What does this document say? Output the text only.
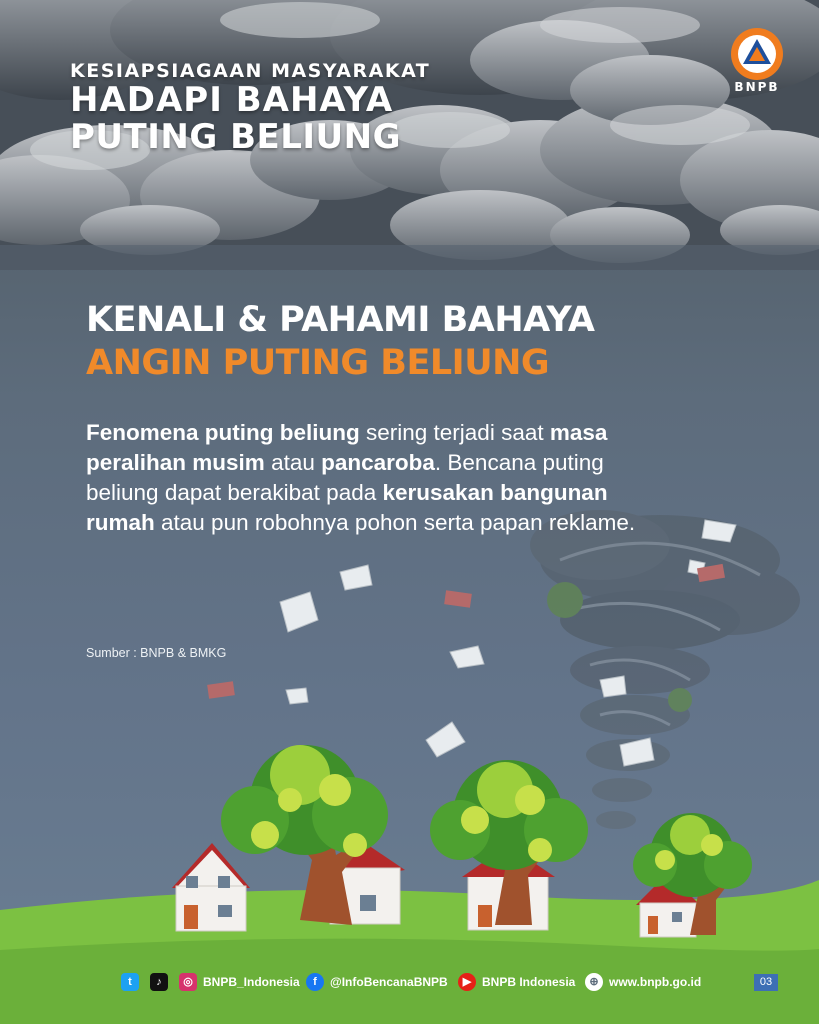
KESIAPSIAGAAN MASYARAKAT
HADAPI BAHAYA
PUTING BELIUNG
BNPB
KENALI & PAHAMI BAHAYA
ANGIN PUTING BELIUNG
Fenomena puting beliung sering terjadi saat masa peralihan musim atau pancaroba. Bencana puting beliung dapat berakibat pada kerusakan bangunan rumah atau pun robohnya pohon serta papan reklame.
Sumber : BNPB & BMKG
t	♪	◎ BNPB_Indonesia	f	@InfoBencanaBNPB	▶ BNPB Indonesia	⊕ www.bnpb.go.id	03
